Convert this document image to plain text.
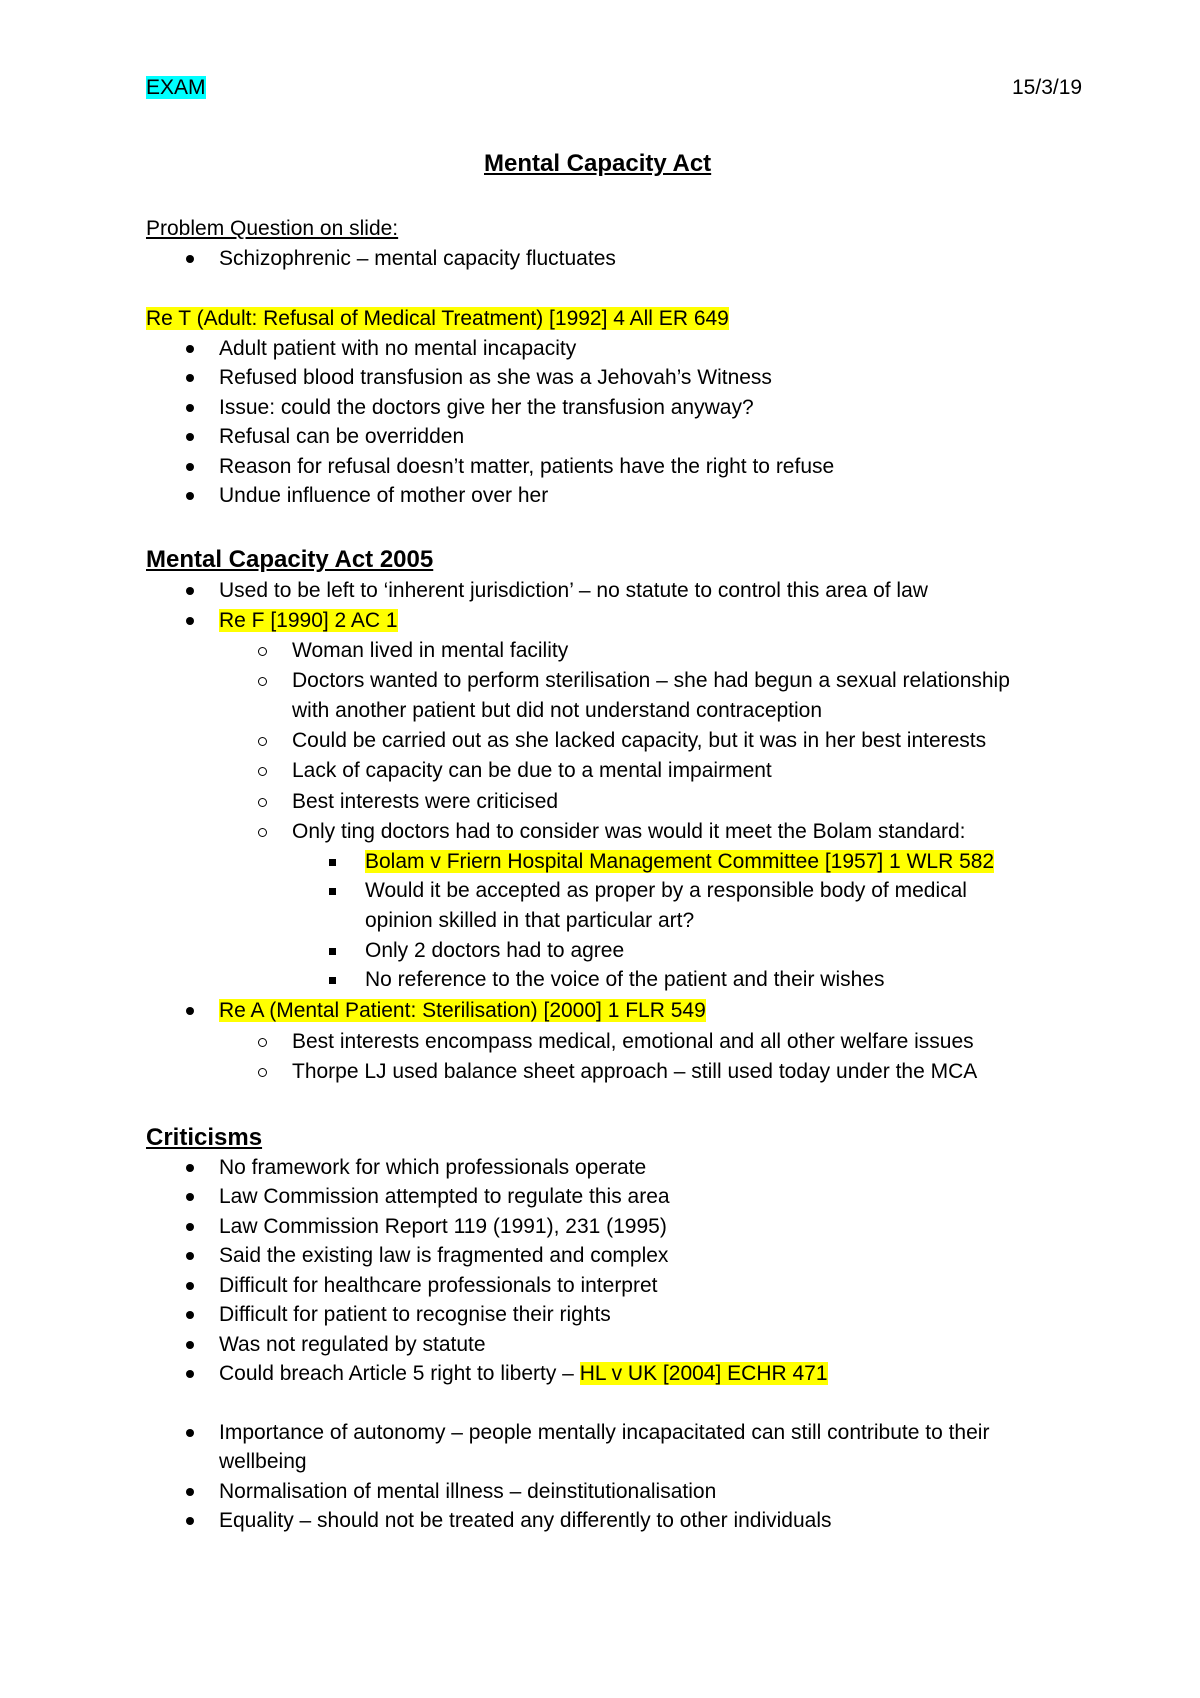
EXAM	15/3/19
Mental Capacity Act
Problem Question on slide:
Schizophrenic – mental capacity fluctuates
Re T (Adult: Refusal of Medical Treatment) [1992] 4 All ER 649
Adult patient with no mental incapacity
Refused blood transfusion as she was a Jehovah’s Witness
Issue: could the doctors give her the transfusion anyway?
Refusal can be overridden
Reason for refusal doesn’t matter, patients have the right to refuse
Undue influence of mother over her
Mental Capacity Act 2005
Used to be left to ‘inherent jurisdiction’ – no statute to control this area of law
Re F [1990] 2 AC 1
Woman lived in mental facility
Doctors wanted to perform sterilisation – she had begun a sexual relationship
with another patient but did not understand contraception
Could be carried out as she lacked capacity, but it was in her best interests
Lack of capacity can be due to a mental impairment
Best interests were criticised
Only ting doctors had to consider was would it meet the Bolam standard:
Bolam v Friern Hospital Management Committee [1957] 1 WLR 582
Would it be accepted as proper by a responsible body of medical
opinion skilled in that particular art?
Only 2 doctors had to agree
No reference to the voice of the patient and their wishes
Re A (Mental Patient: Sterilisation) [2000] 1 FLR 549
Best interests encompass medical, emotional and all other welfare issues
Thorpe LJ used balance sheet approach – still used today under the MCA
Criticisms
No framework for which professionals operate
Law Commission attempted to regulate this area
Law Commission Report 119 (1991), 231 (1995)
Said the existing law is fragmented and complex
Difficult for healthcare professionals to interpret
Difficult for patient to recognise their rights
Was not regulated by statute
Could breach Article 5 right to liberty – HL v UK [2004] ECHR 471
Importance of autonomy – people mentally incapacitated can still contribute to their
wellbeing
Normalisation of mental illness – deinstitutionalisation
Equality – should not be treated any differently to other individuals
